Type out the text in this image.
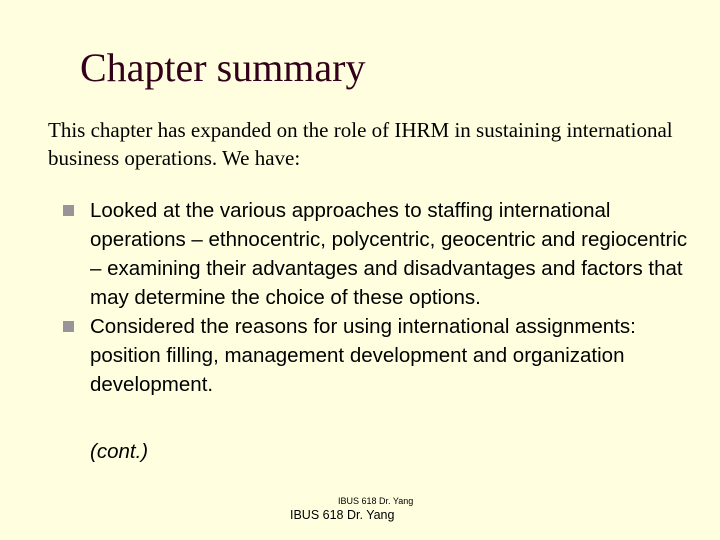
Chapter summary
This chapter has expanded on the role of IHRM in sustaining international business operations. We have:
Looked at the various approaches to staffing international operations – ethnocentric, polycentric, geocentric and regiocentric – examining their advantages and disadvantages and factors that may determine the choice of these options.
Considered the reasons for using international assignments: position filling, management development and organization development.
(cont.)
IBUS 618 Dr. Yang
IBUS 618 Dr. Yang
